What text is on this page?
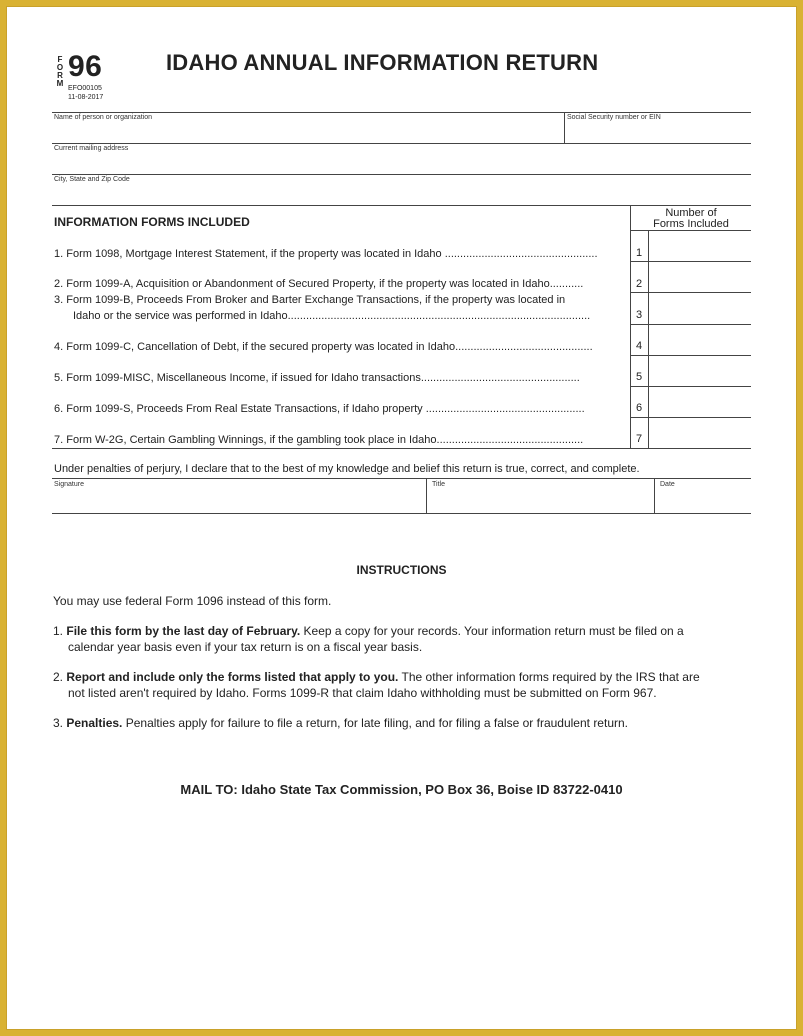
F
O
R
M
96
EFO00105
11-08-2017
IDAHO ANNUAL INFORMATION RETURN
Name of person or organization	Social Security number or EIN
Current mailing address
City, State and Zip Code
INFORMATION FORMS INCLUDED
Number of
Forms Included
1. Form 1098, Mortgage Interest Statement, if the property was located in Idaho ..................................................	1
2. Form 1099-A, Acquisition or Abandonment of Secured Property, if the property was located in Idaho...........	2
3. Form 1099-B, Proceeds From Broker and Barter Exchange Transactions, if the property was located in
Idaho or the service was performed in Idaho...................................................................................................	3
4. Form 1099-C, Cancellation of Debt, if the secured property was located in Idaho.............................................	4
5. Form 1099-MISC, Miscellaneous Income, if issued for Idaho transactions....................................................	5
6. Form 1099-S, Proceeds From Real Estate Transactions, if Idaho property ....................................................	6
7. Form W-2G, Certain Gambling Winnings, if the gambling took place in Idaho................................................	7
Under penalties of perjury, I declare that to the best of my knowledge and belief this return is true, correct, and complete.
Signature	Title	Date
INSTRUCTIONS
You may use federal Form 1096 instead of this form.
1. File this form by the last day of February. Keep a copy for your records. Your information return must be filed on a
calendar year basis even if your tax return is on a fiscal year basis.
2. Report and include only the forms listed that apply to you. The other information forms required by the IRS that are
not listed aren't required by Idaho. Forms 1099-R that claim Idaho withholding must be submitted on Form 967.
3. Penalties. Penalties apply for failure to file a return, for late filing, and for filing a false or fraudulent return.
MAIL TO: Idaho State Tax Commission, PO Box 36, Boise ID 83722-0410
